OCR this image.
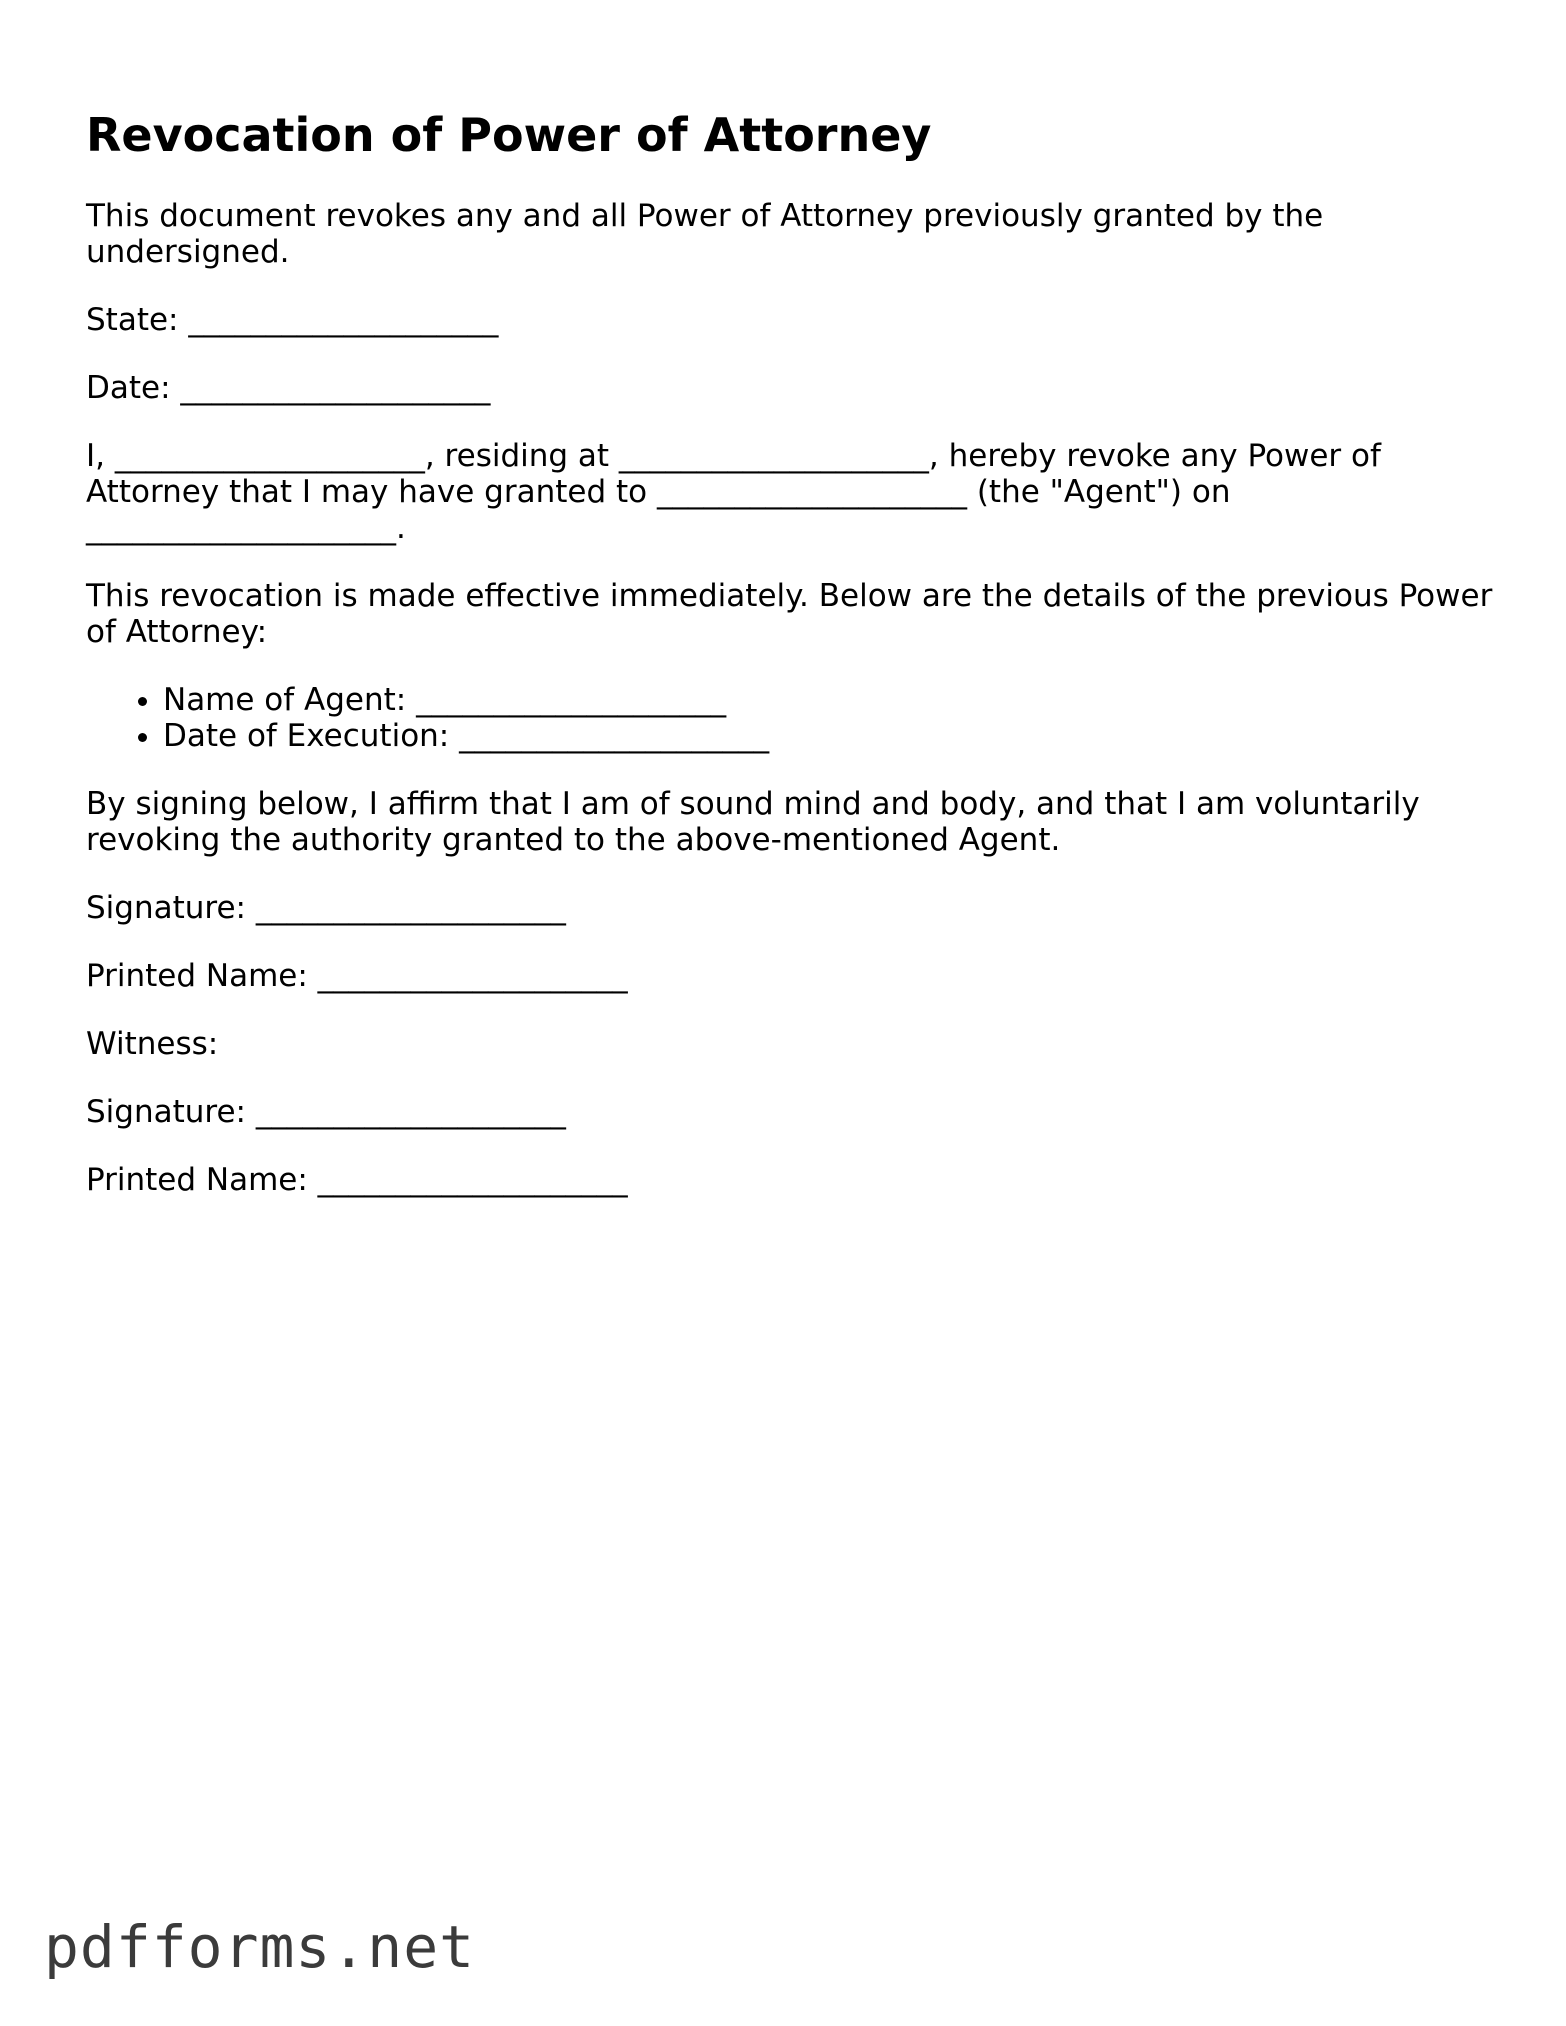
Revocation of Power of Attorney

This document revokes any and all Power of Attorney previously granted by the undersigned.

State: ____________________

Date: ____________________

I, ____________________, residing at ____________________, hereby revoke any Power of Attorney that I may have granted to ____________________ (the "Agent") on ____________________.

This revocation is made effective immediately. Below are the details of the previous Power of Attorney:

• Name of Agent: ____________________
• Date of Execution: ____________________

By signing below, I affirm that I am of sound mind and body, and that I am voluntarily revoking the authority granted to the above-mentioned Agent.

Signature: ____________________

Printed Name: ____________________

Witness:

Signature: ____________________

Printed Name: ____________________

pdfforms.net
